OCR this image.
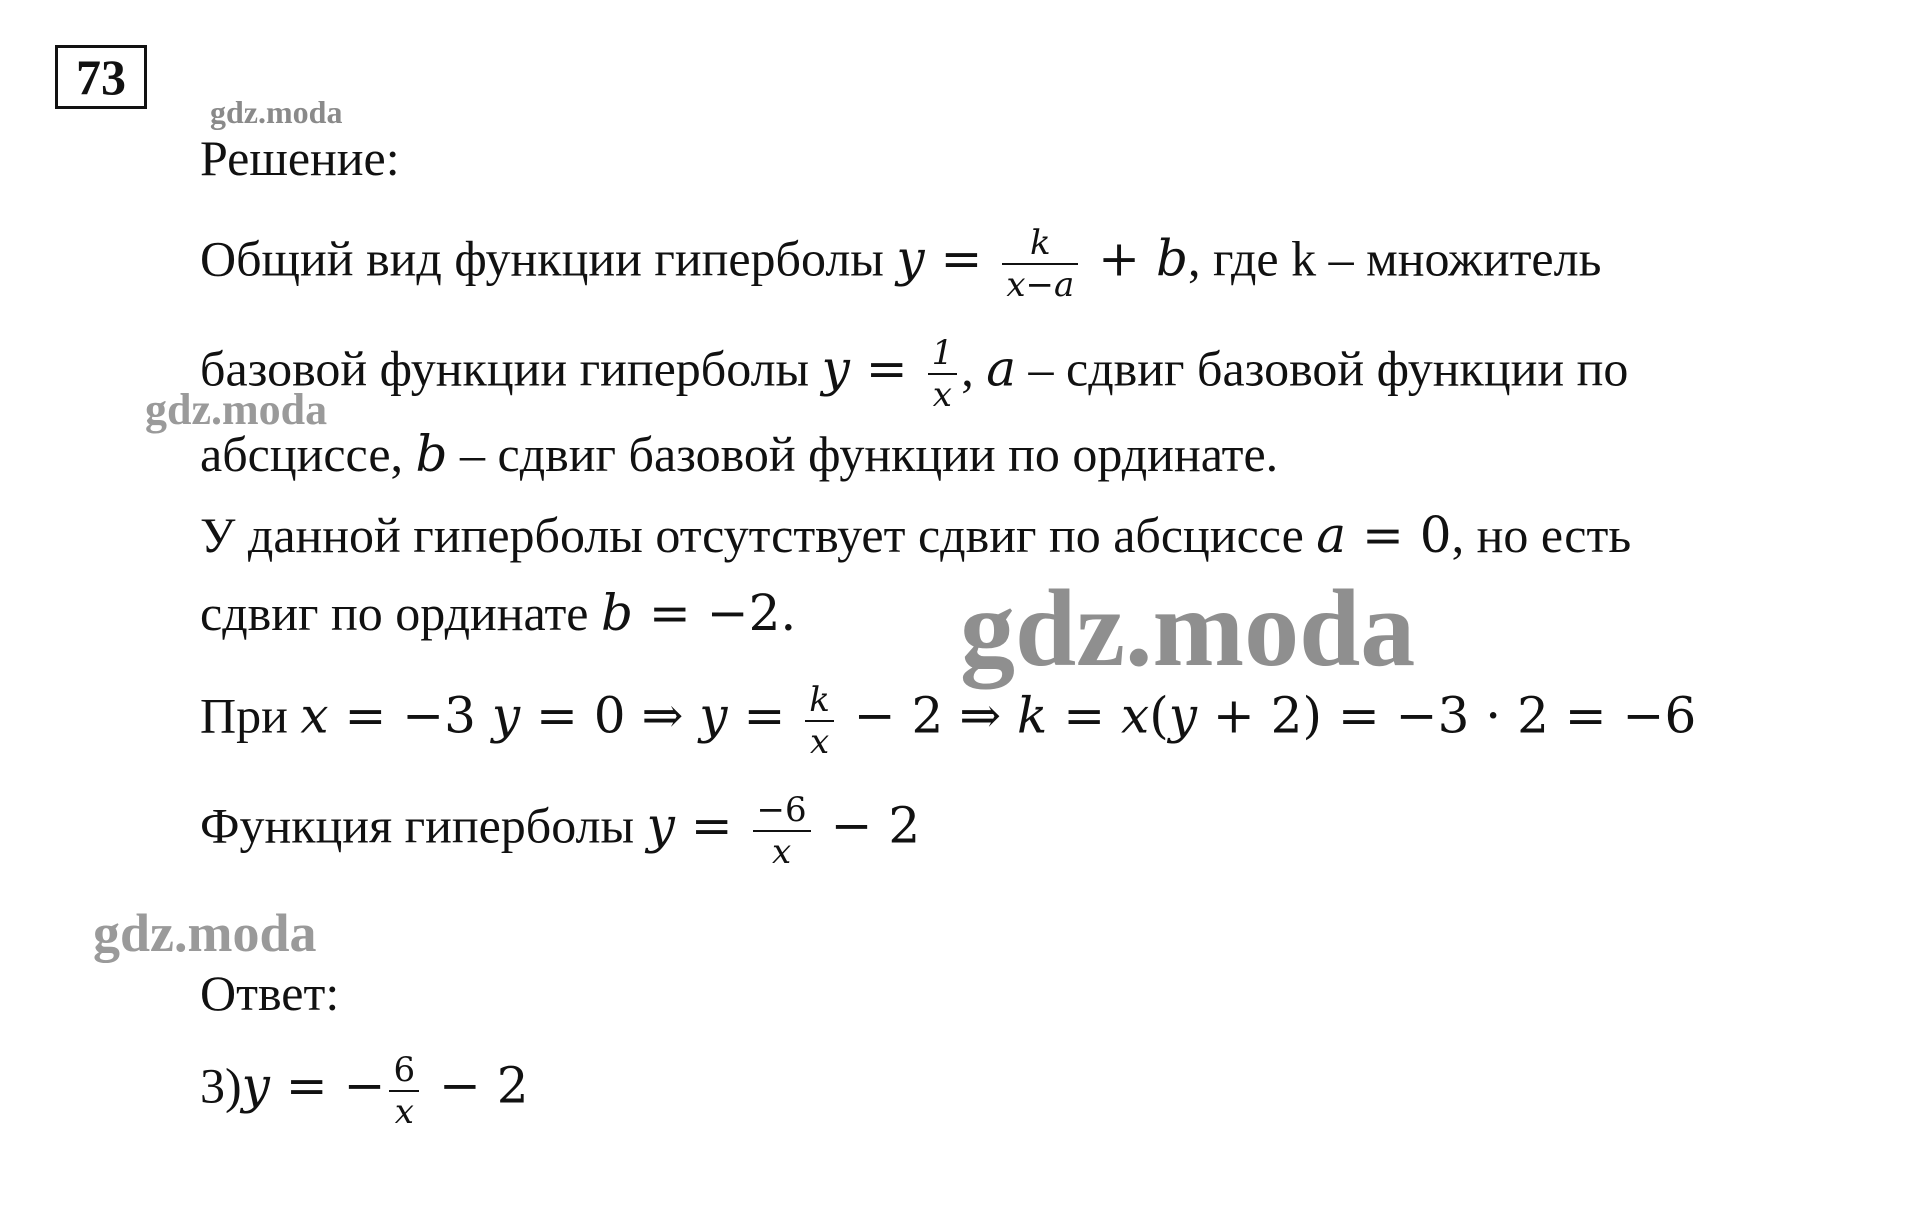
73
gdz.moda
gdz.moda
gdz.moda
gdz.moda
Решение:
Общий вид функции гиперболы $y = \frac{k}{x-a} + b$, где k – множитель
базовой функции гиперболы $y = \frac{1}{x}$ , a – сдвиг базовой функции по
абсциссе, b – сдвиг базовой функции по ординате.
У данной гиперболы отсутствует сдвиг по абсциссе a = 0, но есть
сдвиг по ординате b = −2.
При x = −3 y = 0 ⇒ $y = \frac{k}{x} - 2$ ⇒ k = x(y + 2) = −3 · 2 = −6
Функция гиперболы $y = \frac{-6}{x} - 2$
Ответ:
3)y = − $\frac{6}{x} - 2$
